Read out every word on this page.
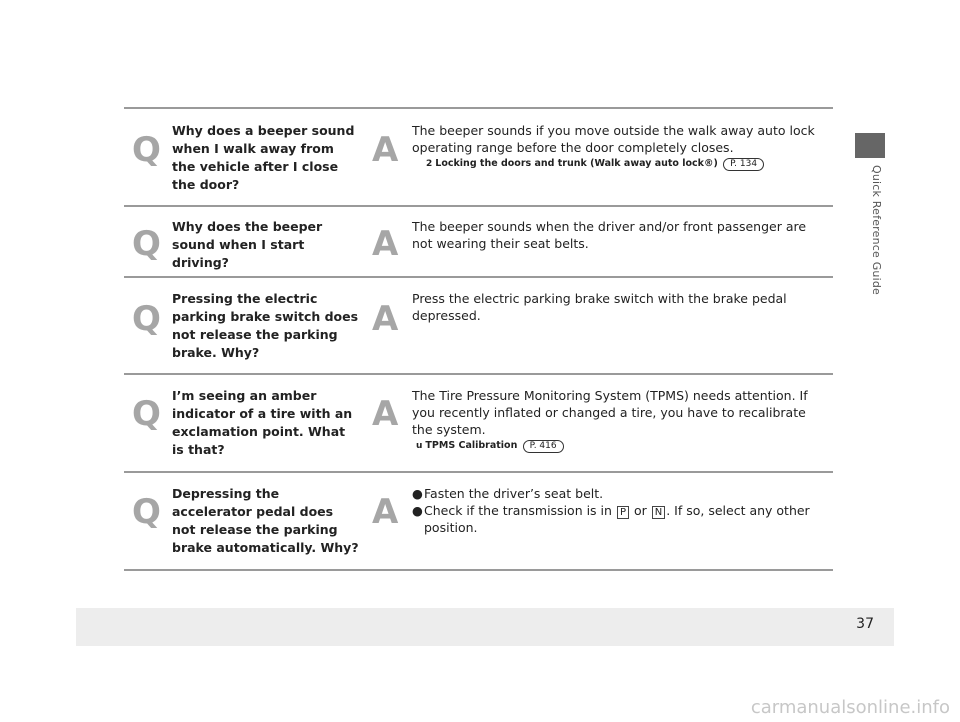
Quick Reference Guide
Q Why does a beeper sound when I walk away from the vehicle after I close the door?
A The beeper sounds if you move outside the walk away auto lock operating range before the door completely closes.
2 Locking the doors and trunk (Walk away auto lock®) P. 134
Q Why does the beeper sound when I start driving?	A The beeper sounds when the driver and/or front passenger are not wearing their seat belts.
Q
Pressing the electric parking brake switch does not release the parking brake. Why?
A
Press the electric parking brake switch with the brake pedal depressed.
Q I’m seeing an amber indicator of a tire with an exclamation point. What is that?
A The Tire Pressure Monitoring System (TPMS) needs attention. If you recently inflated or changed a tire, you have to recalibrate the system.
u TPMS Calibration P. 416
Q Depressing the accelerator pedal does not release the parking brake automatically. Why?
A ● Fasten the driver’s seat belt.
● Check if the transmission is in P or N . If so, select any other position.
37
carmanualsonline.info
